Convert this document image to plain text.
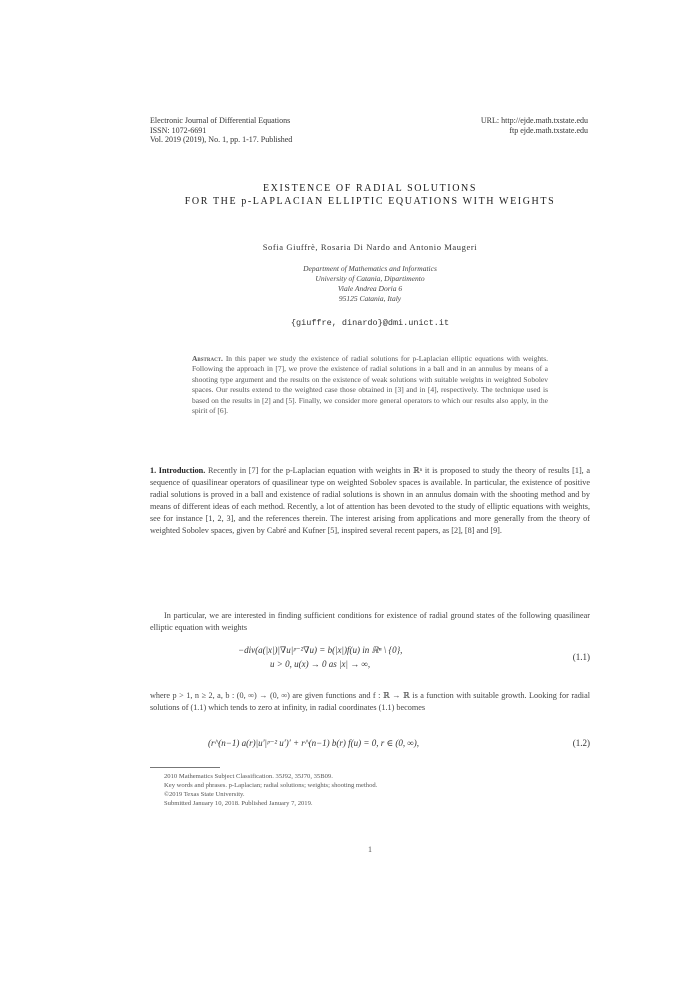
Electronic Journal of Differential Equations
ISSN: 1072-6691
Vol. 2019 (2019), No. 1, pp. 1-17. Published
URL: http://ejde.math.txstate.edu
ftp ejde.math.txstate.edu
EXISTENCE OF RADIAL SOLUTIONS
FOR THE p-LAPLACIAN ELLIPTIC EQUATIONS WITH WEIGHTS
Sofia Giuffrè, Rosaria Di Nardo and Antonio Maugeri
Department of Mathematics and Informatics
University of Catania, Dipartimento
Viale Andrea Doria 6
95125 Catania, Italy
{giuffre, dinardo}@dmi.unict.it
Abstract. In this paper we study the existence of radial solutions for p-Laplacian elliptic equations with weights. Following the approach in [7], we prove the existence of radial solutions in a ball and in an annulus by means of a shooting type argument and the results on the existence of weak solutions with suitable weights in weighted Sobolev spaces. Our results extend to the weighted case those obtained in [3] and in [4], respectively. The technique used is based on the results in [2] and [5]. Finally, we consider more general operators to which our results also apply, in the spirit of [6].
1. Introduction. Recently in [7] for the p-Laplacian equation with weights in ℝⁿ it is proposed to study the theory of results [1], a sequence of quasilinear operators of quasilinear type on weighted Sobolev spaces is available. In particular, the existence of positive radial solutions is proved in a ball and existence of radial solutions is shown in an annulus domain with the shooting method and by means of different ideas of each method. Recently, a lot of attention has been devoted to the study of elliptic equations with weights, see for instance [1, 2, 3], and the references therein. The interest arising from applications and more generally from the theory of weighted Sobolev spaces, given by Cabré and Kufner [5], inspired several recent papers, as [2], [8] and [9].
In particular, we are interested in finding sufficient conditions for existence of radial ground states of the following quasilinear elliptic equation with weights
−div(a(|x|)|∇u|ᵖ⁻²∇u) = b(|x|)f(u) in ℝⁿ \ {0},
u > 0, u(x) → 0 as |x| → ∞,
(1.1)
where p > 1, n ≥ 2, a, b : (0, ∞) → (0, ∞) are given functions and f : ℝ → ℝ is a function with suitable growth. Looking for radial solutions of (1.1) which tends to zero at infinity, in radial coordinates (1.1) becomes
(r^(n−1) a(r)|u′|ᵖ⁻² u′)′ + r^(n−1) b(r) f(u) = 0, r ∈ (0, ∞),	(1.2)
2010 Mathematics Subject Classification. 35J92, 35J70, 35B09.
Key words and phrases. p-Laplacian; radial solutions; weights; shooting method.
©2019 Texas State University.
Submitted January 10, 2018. Published January 7, 2019.
1
